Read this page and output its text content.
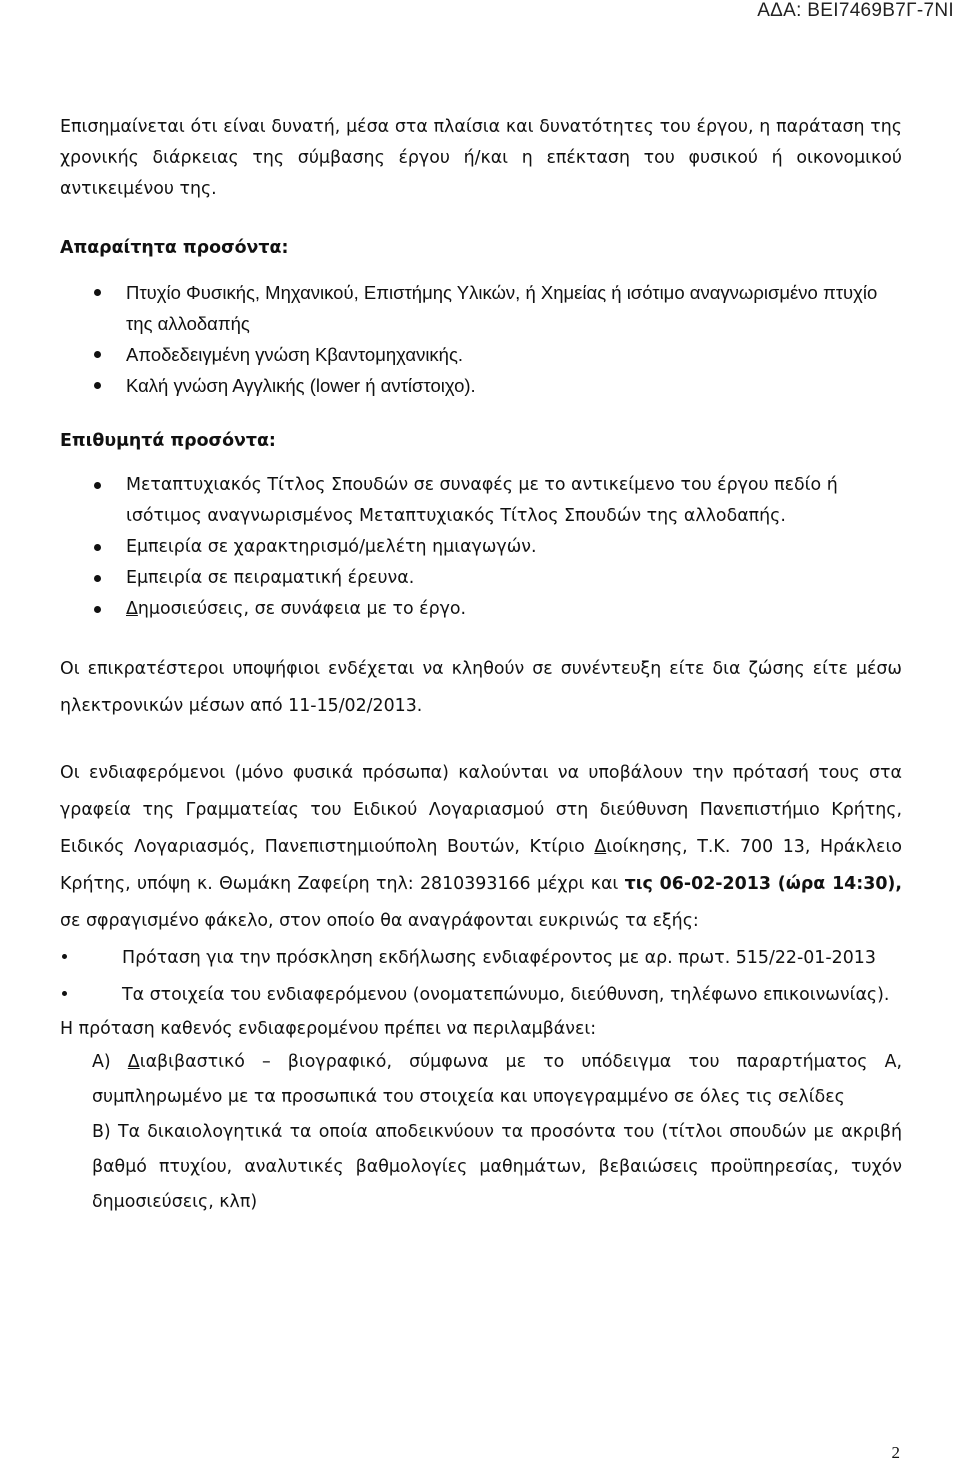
ΑΔΑ: ΒΕΙ7469Β7Γ-7ΝΙ

Επισημαίνεται ότι είναι δυνατή, μέσα στα πλαίσια και δυνατότητες του έργου, η παράταση της χρονικής διάρκειας της σύμβασης έργου ή/και η επέκταση του φυσικού ή οικονομικού αντικειμένου της.

Απαραίτητα προσόντα:

Πτυχίο Φυσικής, Μηχανικού, Επιστήμης Υλικών, ή Χημείας ή ισότιμο αναγνωρισμένο πτυχίο της αλλοδαπής
Αποδεδειγμένη γνώση Κβαντομηχανικής.
Καλή γνώση Αγγλικής (lower ή αντίστοιχο).

Επιθυμητά προσόντα:

Μεταπτυχιακός Τίτλος Σπουδών σε συναφές με το αντικείμενο του έργου πεδίο ή ισότιμος αναγνωρισμένος Μεταπτυχιακός Τίτλος Σπουδών της αλλοδαπής.
Εμπειρία σε χαρακτηρισμό/μελέτη ημιαγωγών.
Εμπειρία σε πειραματική έρευνα.
Δημοσιεύσεις, σε συνάφεια με το έργο.

Οι επικρατέστεροι υποψήφιοι ενδέχεται να κληθούν σε συνέντευξη είτε δια ζώσης είτε μέσω ηλεκτρονικών μέσων από 11-15/02/2013.

Οι ενδιαφερόμενοι (μόνο φυσικά πρόσωπα) καλούνται να υποβάλουν την πρότασή τους στα γραφεία της Γραμματείας του Ειδικού Λογαριασμού στη διεύθυνση Πανεπιστήμιο Κρήτης, Ειδικός Λογαριασμός, Πανεπιστημιούπολη Βουτών, Κτίριο Διοίκησης, Τ.Κ. 700 13, Ηράκλειο Κρήτης, υπόψη κ. Θωμάκη Ζαφείρη τηλ: 2810393166 μέχρι και τις 06-02-2013 (ώρα 14:30), σε σφραγισμένο φάκελο, στον οποίο θα αναγράφονται ευκρινώς τα εξής:

Πρόταση για την πρόσκληση εκδήλωσης ενδιαφέροντος με αρ. πρωτ. 515/22-01-2013

Τα στοιχεία του ενδιαφερόμενου (ονοματεπώνυμο, διεύθυνση, τηλέφωνο επικοινωνίας).

Η πρόταση καθενός ενδιαφερομένου πρέπει να περιλαμβάνει:

Α) Διαβιβαστικό – βιογραφικό, σύμφωνα με το υπόδειγμα του παραρτήματος Α, συμπληρωμένο με τα προσωπικά του στοιχεία και υπογεγραμμένο σε όλες τις σελίδες

Β) Τα δικαιολογητικά τα οποία αποδεικνύουν τα προσόντα του (τίτλοι σπουδών με ακριβή βαθμό πτυχίου, αναλυτικές βαθμολογίες μαθημάτων, βεβαιώσεις προϋπηρεσίας, τυχόν δημοσιεύσεις, κλπ)

2
